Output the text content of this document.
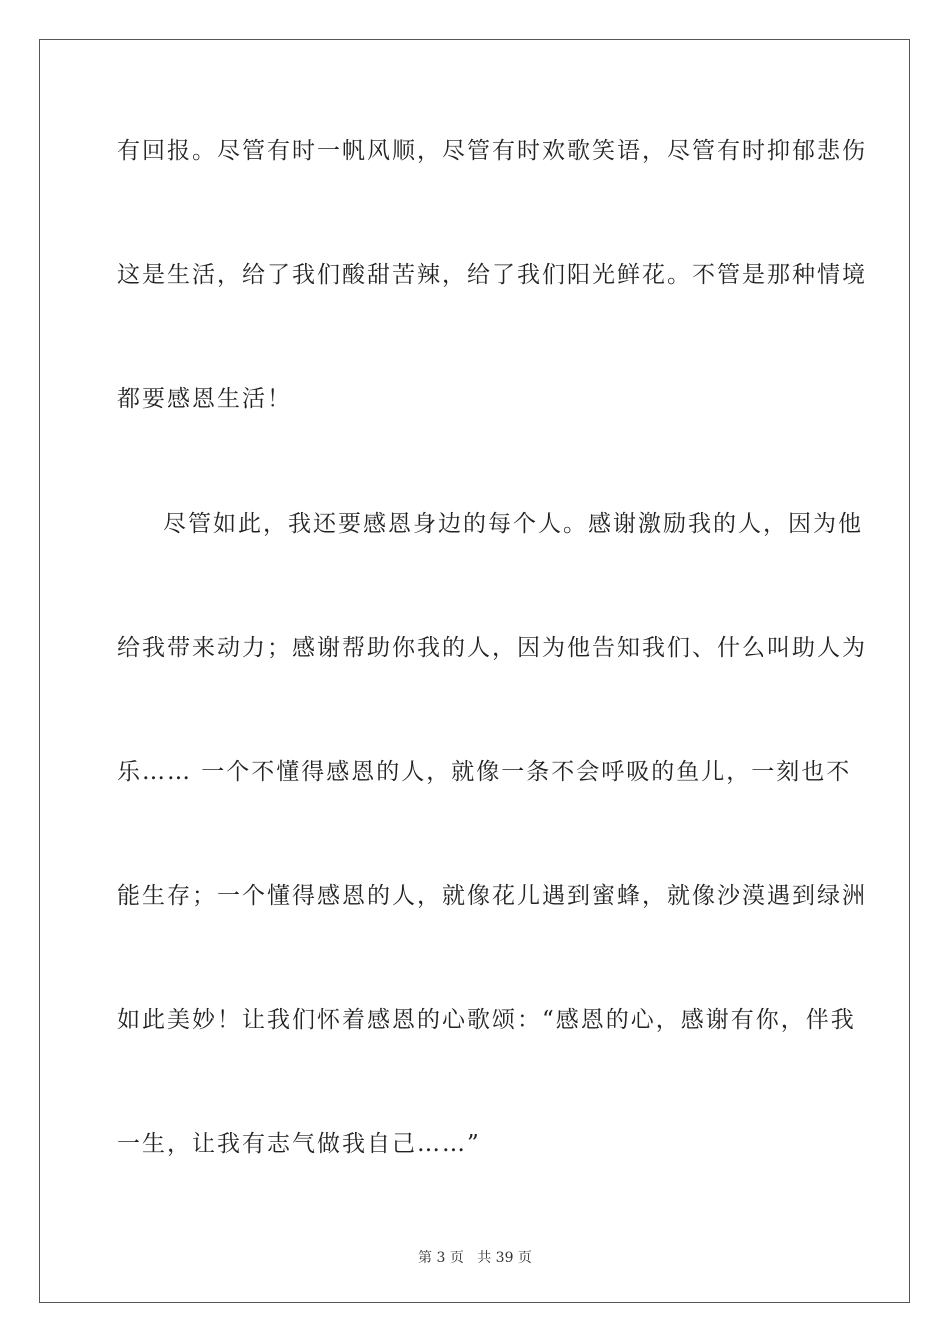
有回报。尽管有时一帆风顺，尽管有时欢歌笑语，尽管有时抑郁悲伤
这是生活，给了我们酸甜苦辣，给了我们阳光鲜花。不管是那种情境
都要感恩生活！
尽管如此，我还要感恩身边的每个人。感谢激励我的人，因为他
给我带来动力；感谢帮助你我的人，因为他告知我们、什么叫助人为
乐…… 一个不懂得感恩的人，就像一条不会呼吸的鱼儿，一刻也不
能生存；一个懂得感恩的人，就像花儿遇到蜜蜂，就像沙漠遇到绿洲
如此美妙！让我们怀着感恩的心歌颂：“感恩的心，感谢有你，伴我
一生，让我有志气做我自己……”
第 3 页 共 39 页
